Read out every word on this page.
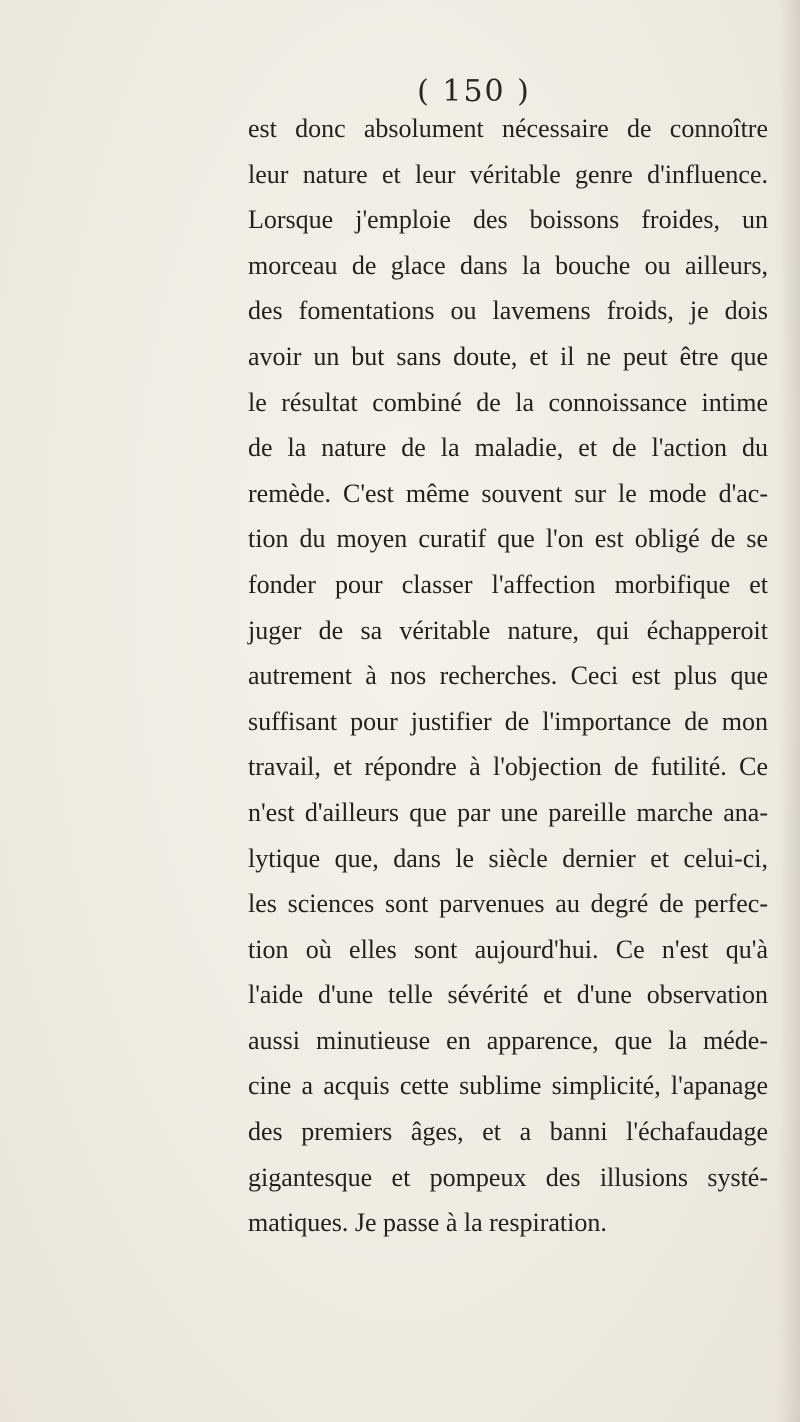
( 150 )
est donc absolument nécessaire de connoître
leur nature et leur véritable genre d'influence.
Lorsque j'emploie des boissons froides, un
morceau de glace dans la bouche ou ailleurs,
des fomentations ou lavemens froids, je dois
avoir un but sans doute, et il ne peut être que
le résultat combiné de la connoissance intime
de la nature de la maladie, et de l'action du
remède. C'est même souvent sur le mode d'ac-
tion du moyen curatif que l'on est obligé de se
fonder pour classer l'affection morbifique et
juger de sa véritable nature, qui échapperoit
autrement à nos recherches. Ceci est plus que
suffisant pour justifier de l'importance de mon
travail, et répondre à l'objection de futilité. Ce
n'est d'ailleurs que par une pareille marche ana-
lytique que, dans le siècle dernier et celui-ci,
les sciences sont parvenues au degré de perfec-
tion où elles sont aujourd'hui. Ce n'est qu'à
l'aide d'une telle sévérité et d'une observation
aussi minutieuse en apparence, que la méde-
cine a acquis cette sublime simplicité, l'apanage
des premiers âges, et a banni l'échafaudage
gigantesque et pompeux des illusions systé-
matiques. Je passe à la respiration.
